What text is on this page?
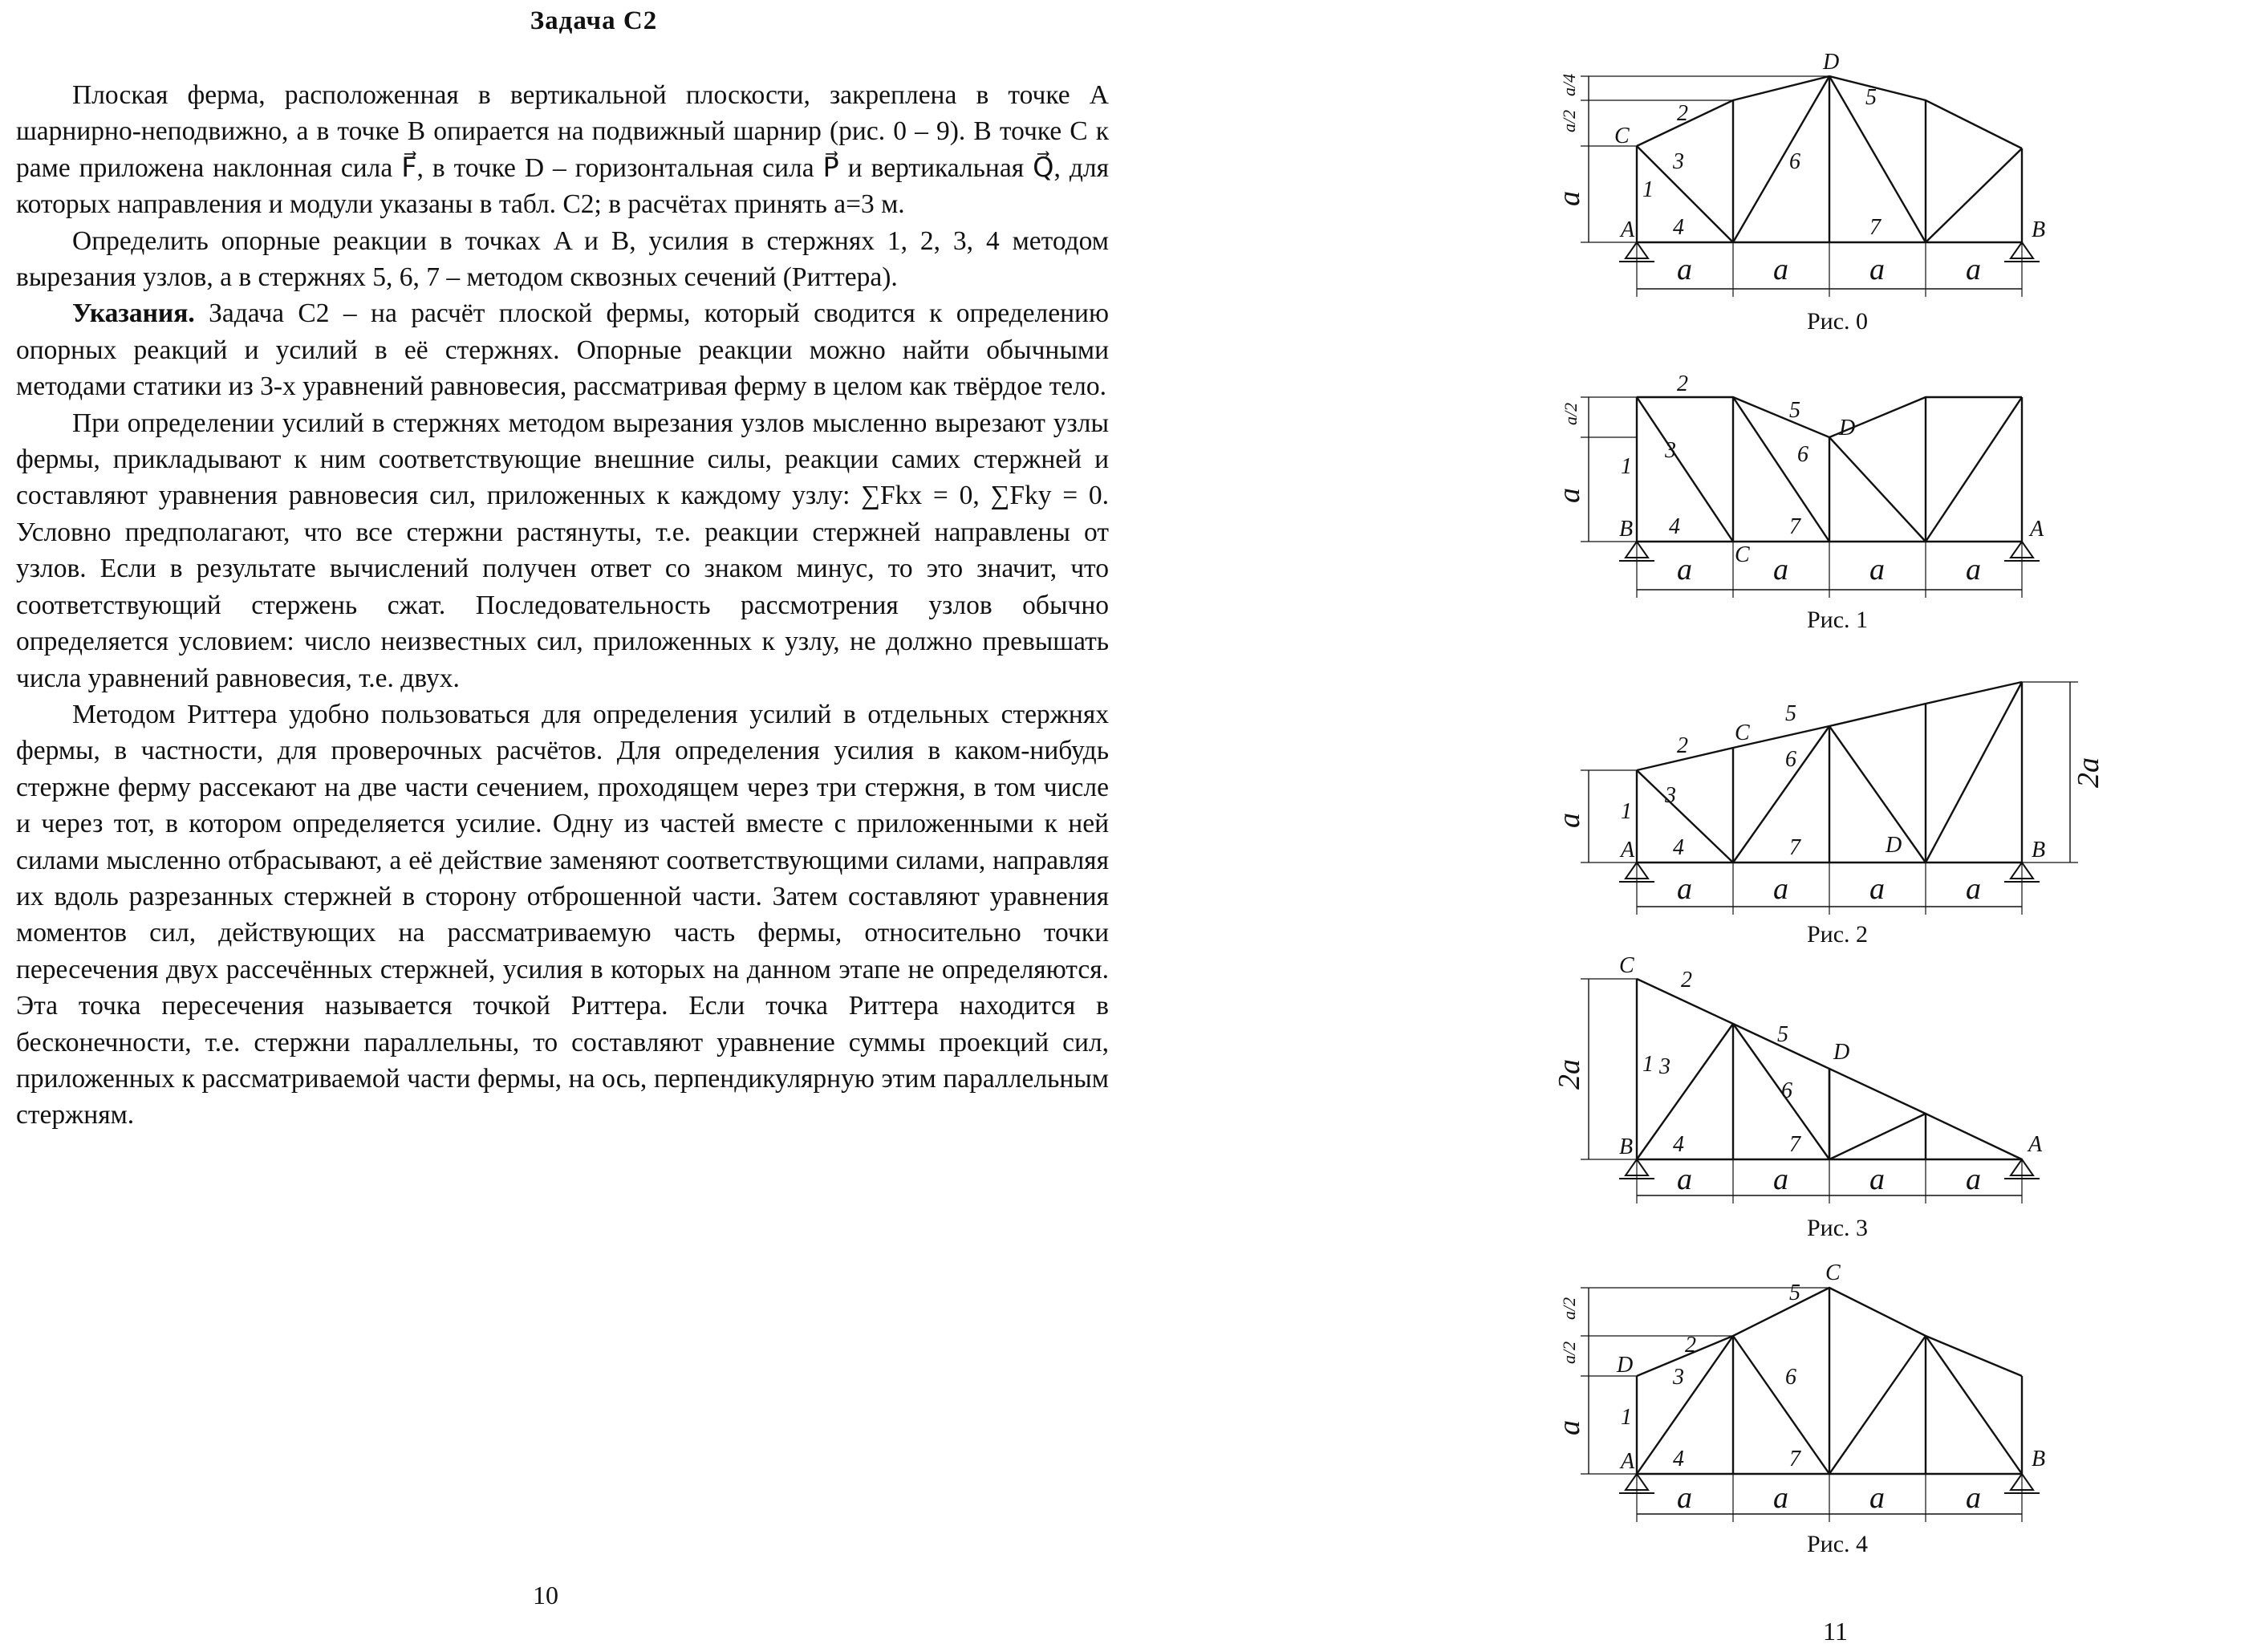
Задача С2

Плоская ферма, расположенная в вертикальной плоскости, закреплена в точке A шарнирно-неподвижно, а в точке B опирается на подвижный шарнир (рис. 0 – 9). В точке C к раме приложена наклонная сила F⃗, в точке D – горизонтальная сила P⃗ и вертикальная Q⃗, для которых направления и модули указаны в табл. С2; в расчётах принять a=3 м.

Определить опорные реакции в точках A и B, усилия в стержнях 1, 2, 3, 4 методом вырезания узлов, а в стержнях 5, 6, 7 – методом сквозных сечений (Риттера).

Указания. Задача С2 – на расчёт плоской фермы, который сводится к определению опорных реакций и усилий в её стержнях. Опорные реакции можно найти обычными методами статики из 3-х уравнений равновесия, рассматривая ферму в целом как твёрдое тело.

При определении усилий в стержнях методом вырезания узлов мысленно вырезают узлы фермы, прикладывают к ним соответствующие внешние силы, реакции самих стержней и составляют уравнения равновесия сил, приложенных к каждому узлу: ∑Fkx = 0, ∑Fky = 0. Условно предполагают, что все стержни растянуты, т.е. реакции стержней направлены от узлов. Если в результате вычислений получен ответ со знаком минус, то это значит, что соответствующий стержень сжат. Последовательность рассмотрения узлов обычно определяется условием: число неизвестных сил, приложенных к узлу, не должно превышать числа уравнений равновесия, т.е. двух.

Методом Риттера удобно пользоваться для определения усилий в отдельных стержнях фермы, в частности, для проверочных расчётов. Для определения усилия в каком-нибудь стержне ферму рассекают на две части сечением, проходящем через три стержня, в том числе и через тот, в котором определяется усилие. Одну из частей вместе с приложенными к ней силами мысленно отбрасывают, а её действие заменяют соответствующими силами, направляя их вдоль разрезанных стержней в сторону отброшенной части. Затем составляют уравнения моментов сил, действующих на рассматриваемую часть фермы, относительно точки пересечения двух рассечённых стержней, усилия в которых на данном этапе не определяются. Эта точка пересечения называется точкой Риттера. Если точка Риттера находится в бесконечности, т.е. стержни параллельны, то составляют уравнение суммы проекций сил, приложенных к рассматриваемой части фермы, на ось, перпендикулярную этим параллельным стержням.

10
A	B
C
D
1
2
3
4
5
6
7
a	a	a	a
a
a/2
a/4
Рис. 0
B	A
C
D
1
2
3
4
5
6
7
a	a	a	a
a
a/2
Рис. 1
A	B
C
D
1
2
3
4
5
6
7
a	a	a	a
a
2a
Рис. 2
B	A
C
D
1
2
3
4
5
6
7
a	a	a	a
2a
Рис. 3
A	B
C
D
1
2
3
4
5
6
7
a	a	a	a
a
a/2
a/2
Рис. 4
11
